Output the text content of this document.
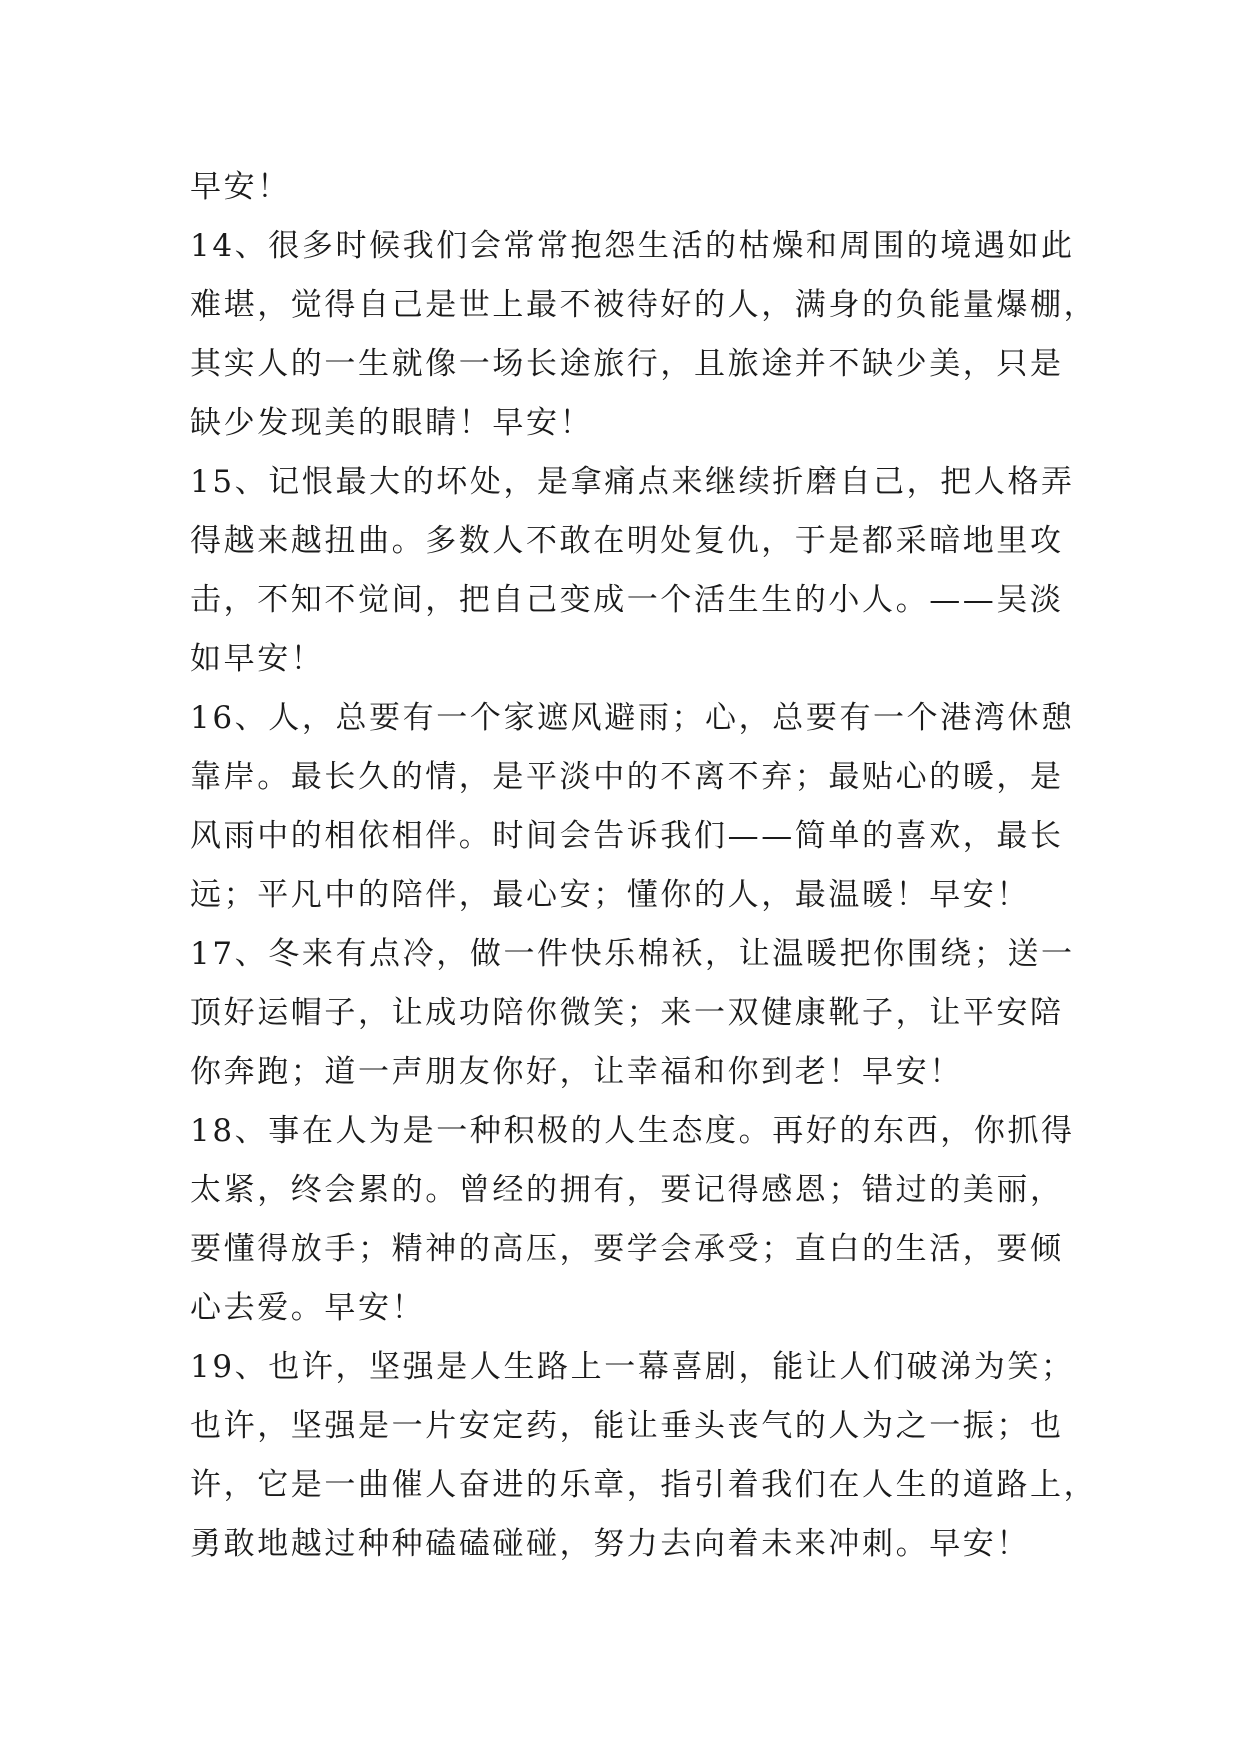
早安！
14、很多时候我们会常常抱怨生活的枯燥和周围的境遇如此
难堪，觉得自己是世上最不被待好的人，满身的负能量爆棚，
其实人的一生就像一场长途旅行，且旅途并不缺少美，只是
缺少发现美的眼睛！早安！
15、记恨最大的坏处，是拿痛点来继续折磨自己，把人格弄
得越来越扭曲。多数人不敢在明处复仇，于是都采暗地里攻
击，不知不觉间，把自己变成一个活生生的小人。——吴淡
如早安！
16、人，总要有一个家遮风避雨；心，总要有一个港湾休憩
靠岸。最长久的情，是平淡中的不离不弃；最贴心的暖，是
风雨中的相依相伴。时间会告诉我们——简单的喜欢，最长
远；平凡中的陪伴，最心安；懂你的人，最温暖！早安！
17、冬来有点冷，做一件快乐棉袄，让温暖把你围绕；送一
顶好运帽子，让成功陪你微笑；来一双健康靴子，让平安陪
你奔跑；道一声朋友你好，让幸福和你到老！早安！
18、事在人为是一种积极的人生态度。再好的东西，你抓得
太紧，终会累的。曾经的拥有，要记得感恩；错过的美丽，
要懂得放手；精神的高压，要学会承受；直白的生活，要倾
心去爱。早安！
19、也许，坚强是人生路上一幕喜剧，能让人们破涕为笑；
也许，坚强是一片安定药，能让垂头丧气的人为之一振；也
许，它是一曲催人奋进的乐章，指引着我们在人生的道路上，
勇敢地越过种种磕磕碰碰，努力去向着未来冲刺。早安！
